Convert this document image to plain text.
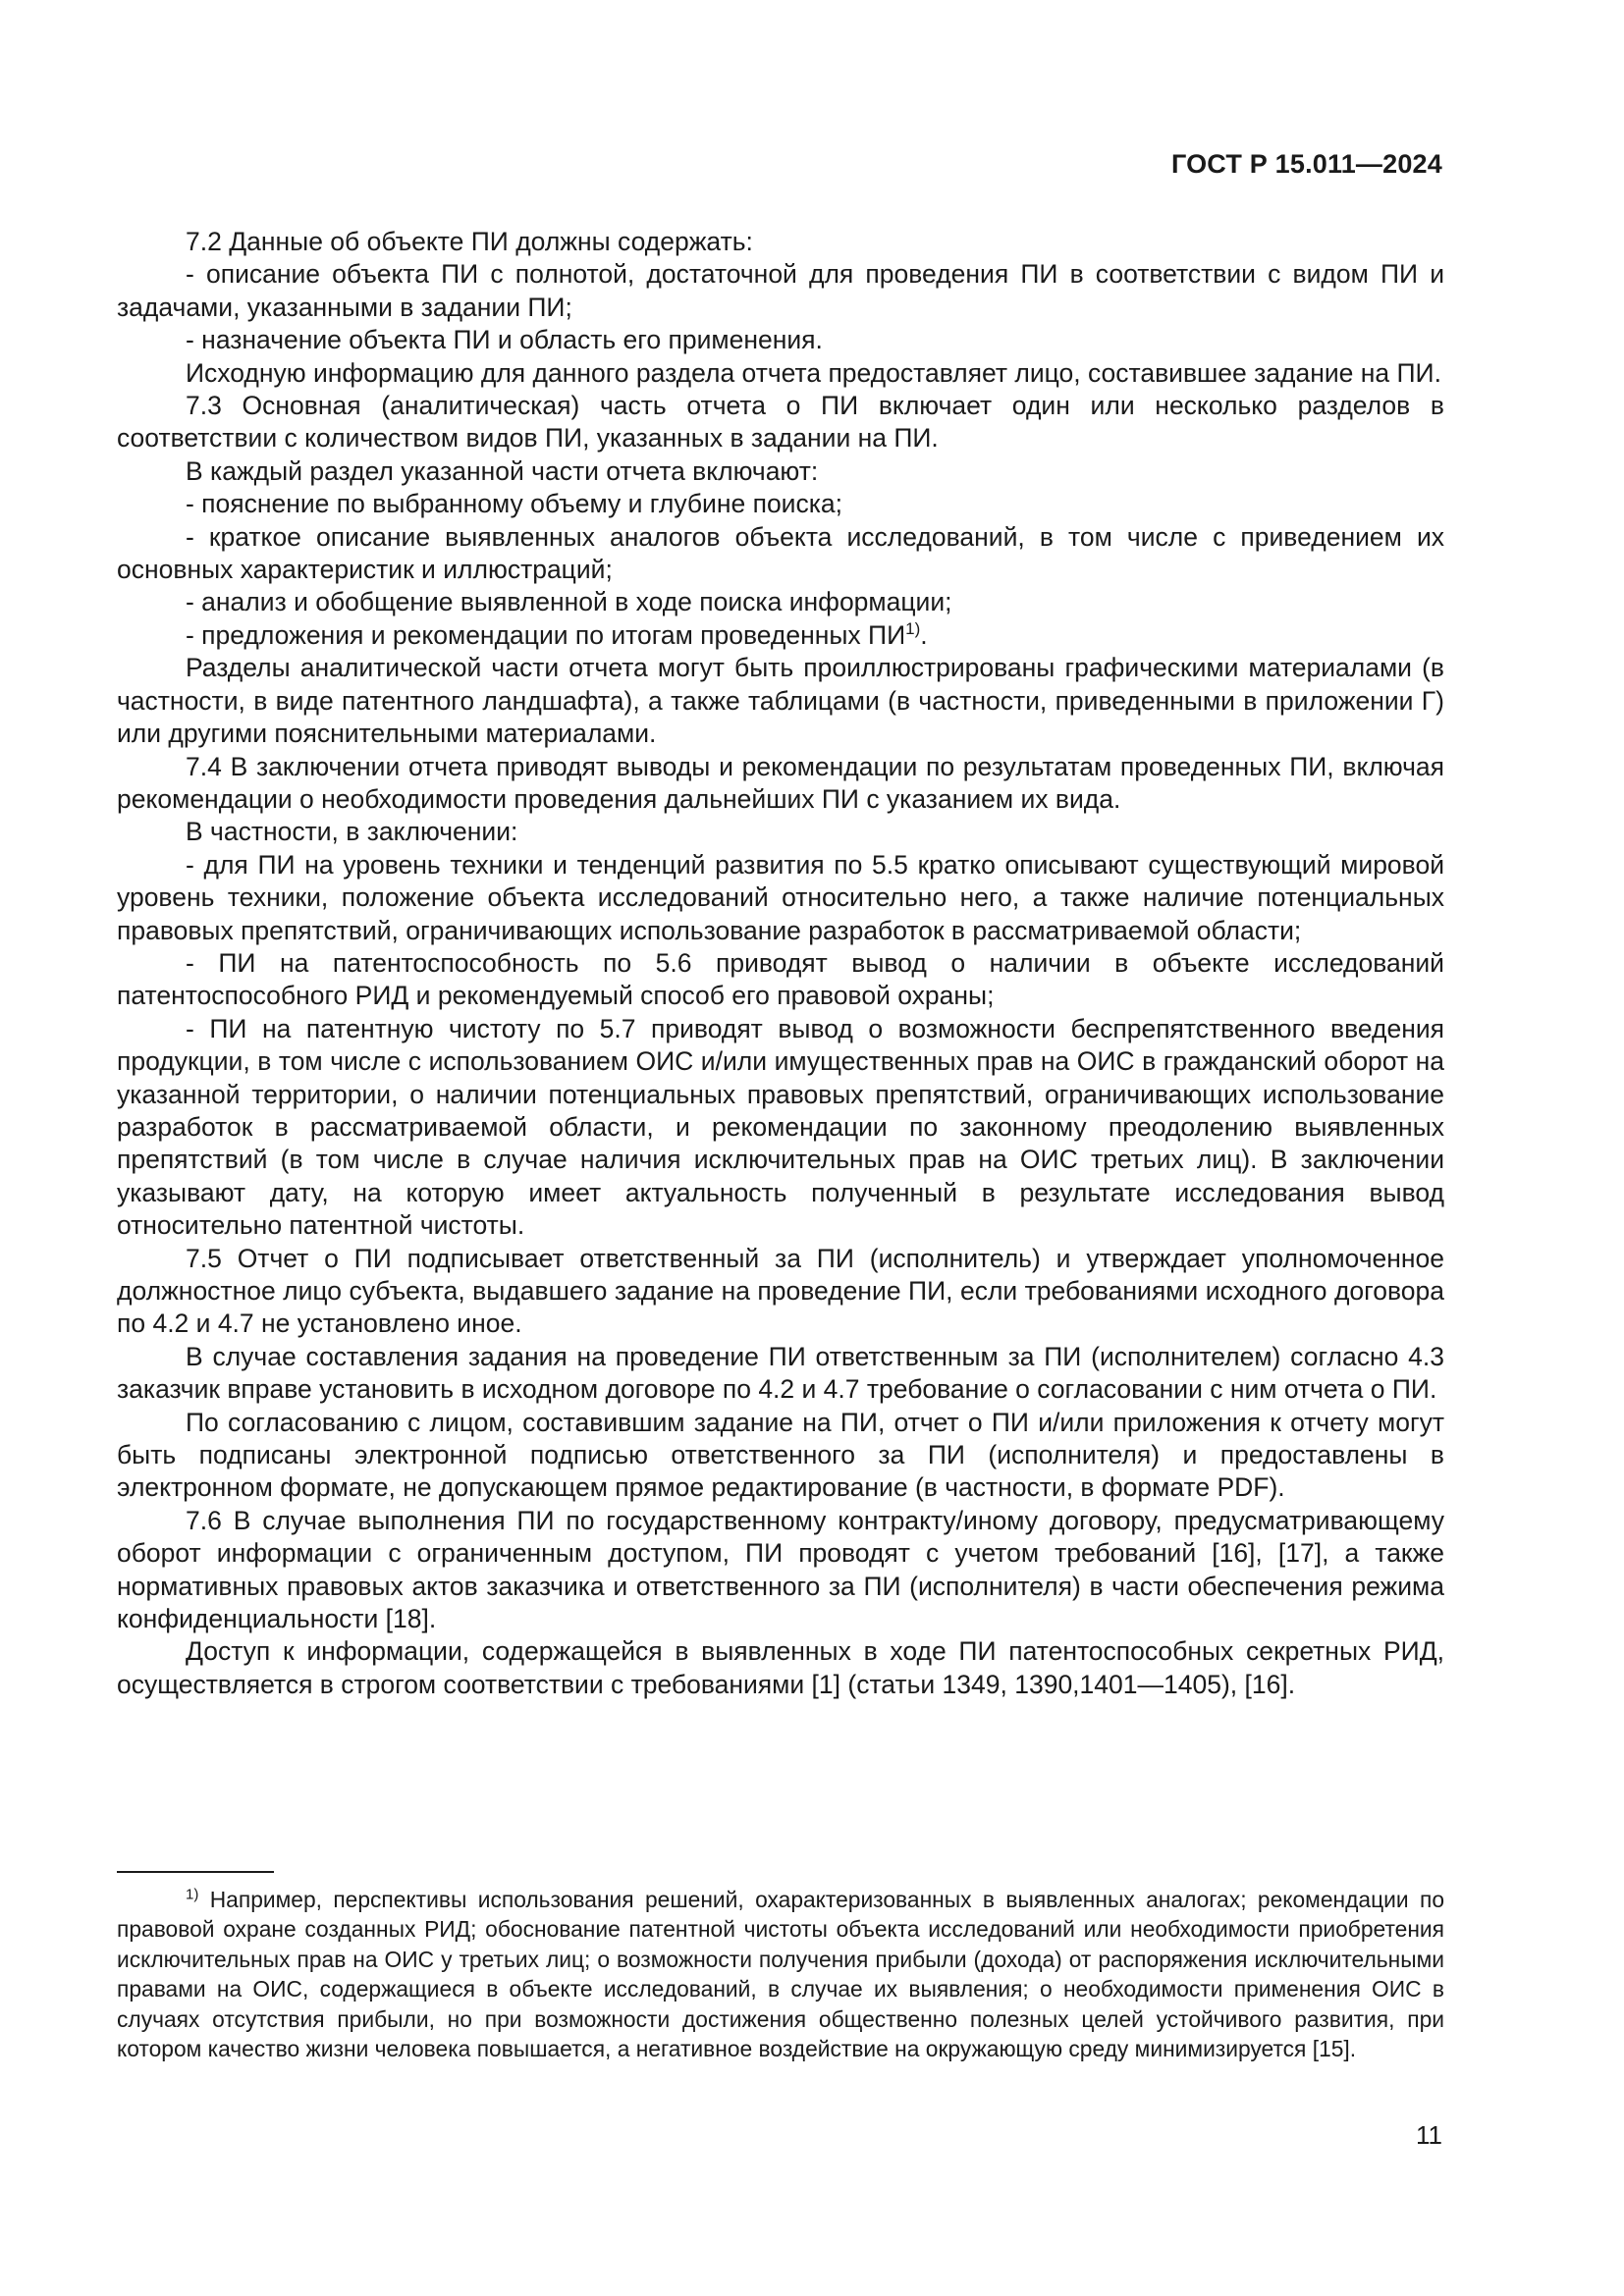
ГОСТ Р 15.011—2024

7.2 Данные об объекте ПИ должны содержать:

- описание объекта ПИ с полнотой, достаточной для проведения ПИ в соответствии с видом ПИ и задачами, указанными в задании ПИ;

- назначение объекта ПИ и область его применения.

Исходную информацию для данного раздела отчета предоставляет лицо, составившее задание на ПИ.

7.3 Основная (аналитическая) часть отчета о ПИ включает один или несколько разделов в соответствии с количеством видов ПИ, указанных в задании на ПИ.

В каждый раздел указанной части отчета включают:

- пояснение по выбранному объему и глубине поиска;

- краткое описание выявленных аналогов объекта исследований, в том числе с приведением их основных характеристик и иллюстраций;

- анализ и обобщение выявленной в ходе поиска информации;

- предложения и рекомендации по итогам проведенных ПИ$^{1)}$.

Разделы аналитической части отчета могут быть проиллюстрированы графическими материалами (в частности, в виде патентного ландшафта), а также таблицами (в частности, приведенными в приложении Г) или другими пояснительными материалами.

7.4 В заключении отчета приводят выводы и рекомендации по результатам проведенных ПИ, включая рекомендации о необходимости проведения дальнейших ПИ с указанием их вида.

В частности, в заключении:

- для ПИ на уровень техники и тенденций развития по 5.5 кратко описывают существующий мировой уровень техники, положение объекта исследований относительно него, а также наличие потенциальных правовых препятствий, ограничивающих использование разработок в рассматриваемой области;

- ПИ на патентоспособность по 5.6 приводят вывод о наличии в объекте исследований патентоспособного РИД и рекомендуемый способ его правовой охраны;

- ПИ на патентную чистоту по 5.7 приводят вывод о возможности беспрепятственного введения продукции, в том числе с использованием ОИС и/или имущественных прав на ОИС в гражданский оборот на указанной территории, о наличии потенциальных правовых препятствий, ограничивающих использование разработок в рассматриваемой области, и рекомендации по законному преодолению выявленных препятствий (в том числе в случае наличия исключительных прав на ОИС третьих лиц). В заключении указывают дату, на которую имеет актуальность полученный в результате исследования вывод относительно патентной чистоты.

7.5 Отчет о ПИ подписывает ответственный за ПИ (исполнитель) и утверждает уполномоченное должностное лицо субъекта, выдавшего задание на проведение ПИ, если требованиями исходного договора по 4.2 и 4.7 не установлено иное.

В случае составления задания на проведение ПИ ответственным за ПИ (исполнителем) согласно 4.3 заказчик вправе установить в исходном договоре по 4.2 и 4.7 требование о согласовании с ним отчета о ПИ.

По согласованию с лицом, составившим задание на ПИ, отчет о ПИ и/или приложения к отчету могут быть подписаны электронной подписью ответственного за ПИ (исполнителя) и предоставлены в электронном формате, не допускающем прямое редактирование (в частности, в формате PDF).

7.6 В случае выполнения ПИ по государственному контракту/иному договору, предусматривающему оборот информации с ограниченным доступом, ПИ проводят с учетом требований [16], [17], а также нормативных правовых актов заказчика и ответственного за ПИ (исполнителя) в части обеспечения режима конфиденциальности [18].

Доступ к информации, содержащейся в выявленных в ходе ПИ патентоспособных секретных РИД, осуществляется в строгом соответствии с требованиями [1] (статьи 1349, 1390,1401—1405), [16].

$^{1)}$ Например, перспективы использования решений, охарактеризованных в выявленных аналогах; рекомендации по правовой охране созданных РИД; обоснование патентной чистоты объекта исследований или необходимости приобретения исключительных прав на ОИС у третьих лиц; о возможности получения прибыли (дохода) от распоряжения исключительными правами на ОИС, содержащиеся в объекте исследований, в случае их выявления; о необходимости применения ОИС в случаях отсутствия прибыли, но при возможности достижения общественно полезных целей устойчивого развития, при котором качество жизни человека повышается, а негативное воздействие на окружающую среду минимизируется [15].

11
